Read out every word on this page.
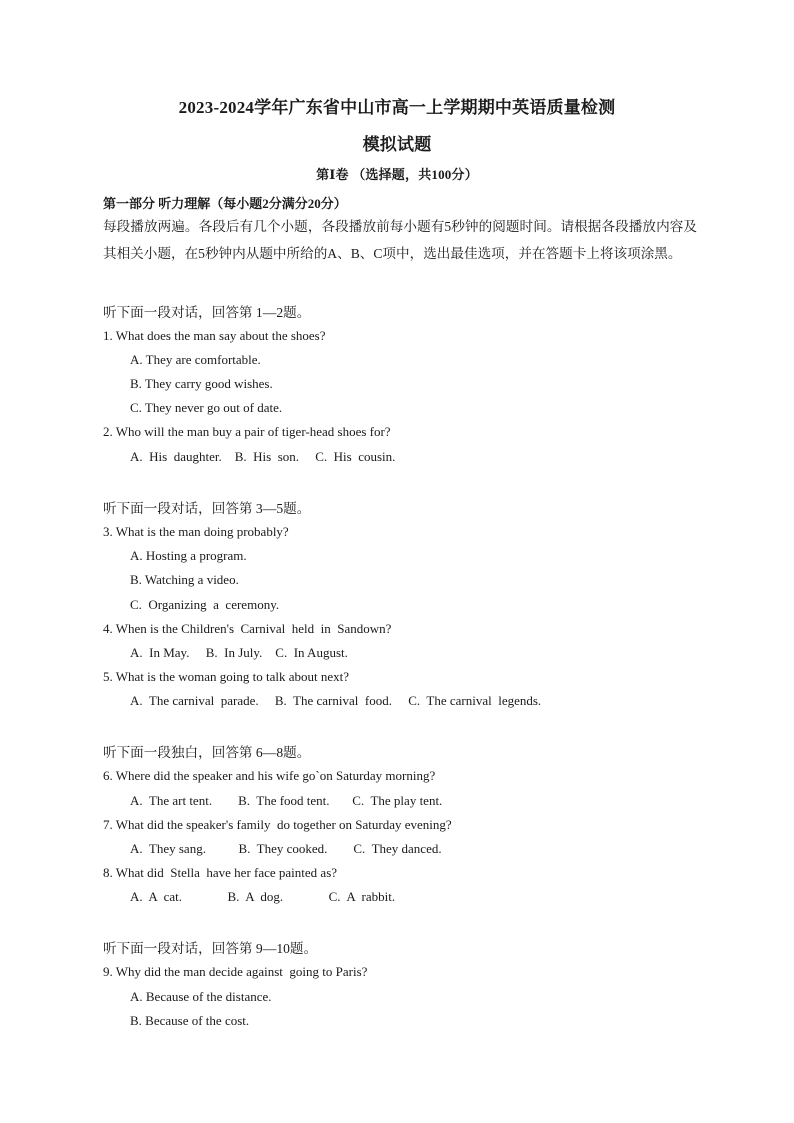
2023-2024学年广东省中山市高一上学期期中英语质量检测
模拟试题
第Ⅰ卷 （选择题，共100分）
第一部分 听力理解（每小题2分满分20分）
每段播放两遍。各段后有几个小题，各段播放前每小题有5秒钟的阅题时间。请根据各段播放内容及其相关小题，在5秒钟内从题中所给的A、B、C项中，选出最佳选项，并在答题卡上将该项涂黑。
听下面一段对话，回答第 1—2题。
1. What does the man say about the shoes?
A. They are comfortable.
B. They carry good wishes.
C. They never go out of date.
2. Who will the man buy a pair of tiger-head shoes for?
A.  His  daughter.    B.  His  son.     C.  His  cousin.
听下面一段对话，回答第 3—5题。
3. What is the man doing probably?
A. Hosting a program.
B. Watching a video.
C.  Organizing  a  ceremony.
4. When is the Children's  Carnival  held  in  Sandown?
A.  In May.     B.  In July.    C.  In August.
5. What is the woman going to talk about next?
A.  The carnival  parade.     B.  The carnival  food.     C.  The carnival  legends.
听下面一段独白，回答第 6—8题。
6. Where did the speaker and his wife go`on Saturday morning?
A.  The art tent.        B.  The food tent.       C.  The play tent.
7. What did the speaker's family  do together on Saturday evening?
A.  They sang.          B.  They cooked.        C.  They danced.
8. What did  Stella  have her face painted as?
A.  A  cat.              B.  A  dog.              C.  A  rabbit.
听下面一段对话，回答第 9—10题。
9. Why did the man decide against  going to Paris?
A. Because of the distance.
B. Because of the cost.
